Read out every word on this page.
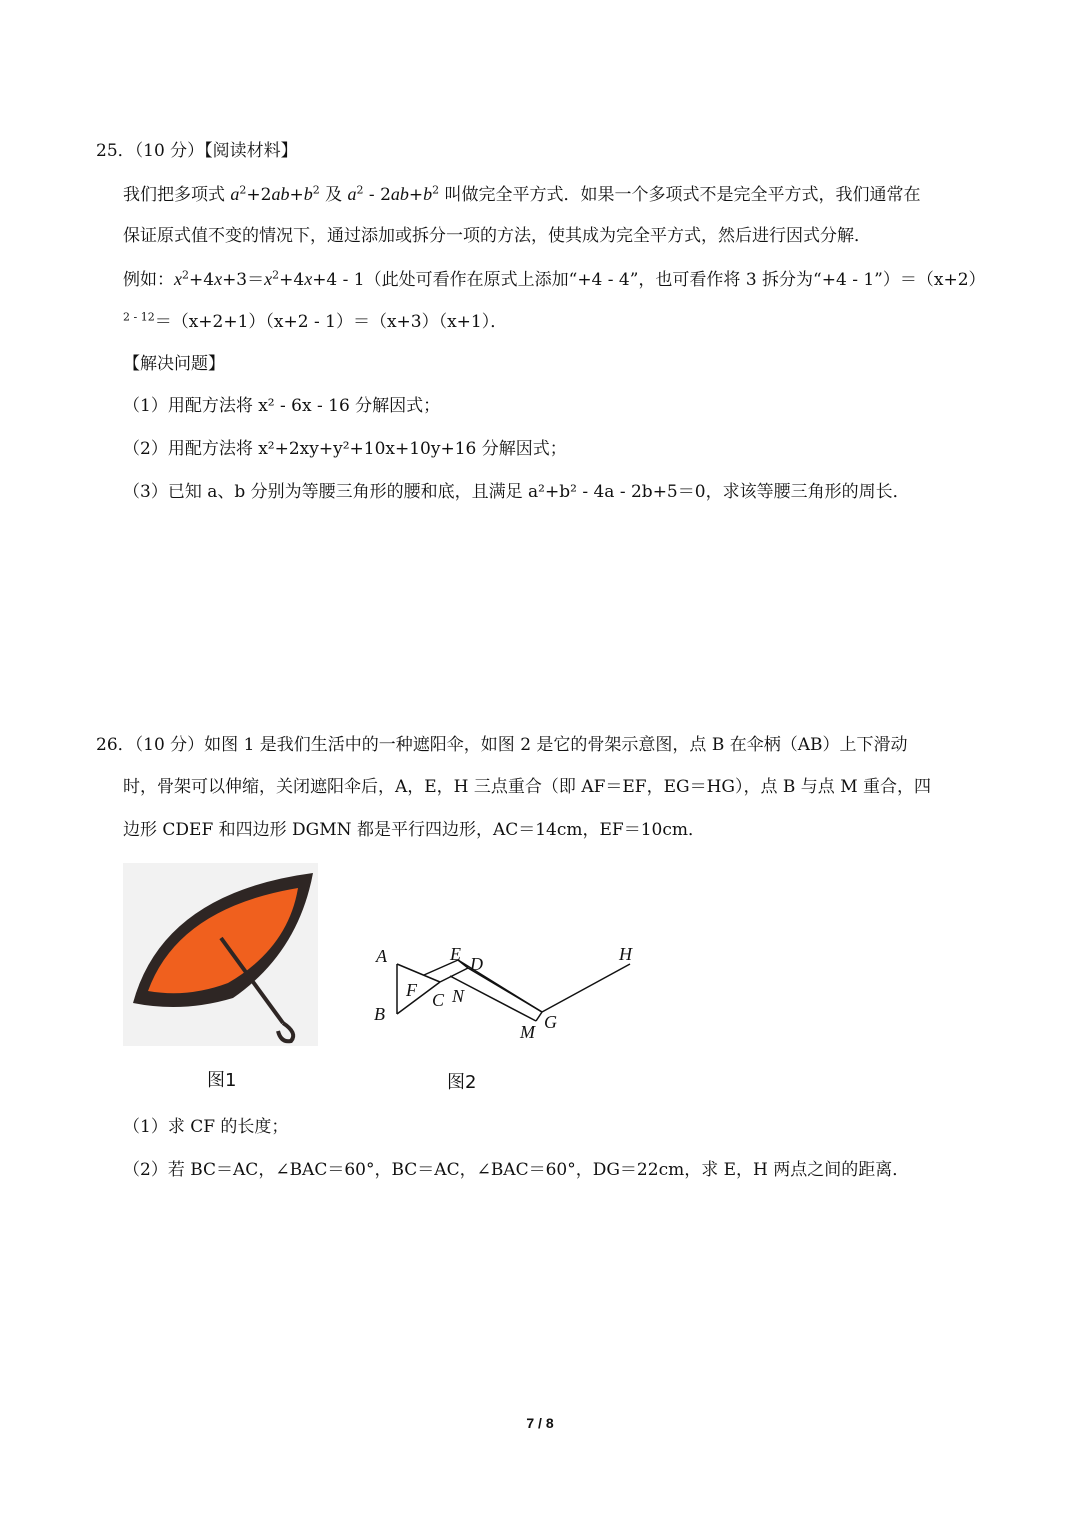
25．（10 分）【阅读材料】
我们把多项式 $a^2+2ab+b^2$ 及 $a^2 - 2ab+b^2$ 叫做完全平方式．如果一个多项式不是完全平方式，我们通常在
保证原式值不变的情况下，通过添加或拆分一项的方法，使其成为完全平方式，然后进行因式分解．
例如：$x^2+4x+3=x^2+4x+4 - 1$（此处可看作在原式上添加“+4 - 4”，也可看作将 3 拆分为“+4 - 1”）＝（x+2）
$^{2 - 12}$＝（x+2+1）（x+2 - 1）＝（x+3）（x+1）．
【解决问题】
（1）用配方法将 x² - 6x - 16 分解因式；
（2）用配方法将 x²+2xy+y²+10x+10y+16 分解因式；
（3）已知 a、b 分别为等腰三角形的腰和底，且满足 a²+b² - 4a - 2b+5＝0，求该等腰三角形的周长．
26．（10 分）如图 1 是我们生活中的一种遮阳伞，如图 2 是它的骨架示意图，点 B 在伞柄（AB）上下滑动
时，骨架可以伸缩，关闭遮阳伞后，A，E，H 三点重合（即 AF＝EF，EG＝HG），点 B 与点 M 重合，四
边形 CDEF 和四边形 DGMN 都是平行四边形，AC＝14cm，EF＝10cm．
图1
A
B
F C
E D
N
M G
H
图2
（1）求 CF 的长度；
（2）若 BC＝AC，∠BAC＝60°，BC＝AC，∠BAC＝60°，DG＝22cm，求 E，H 两点之间的距离．
7 / 8
